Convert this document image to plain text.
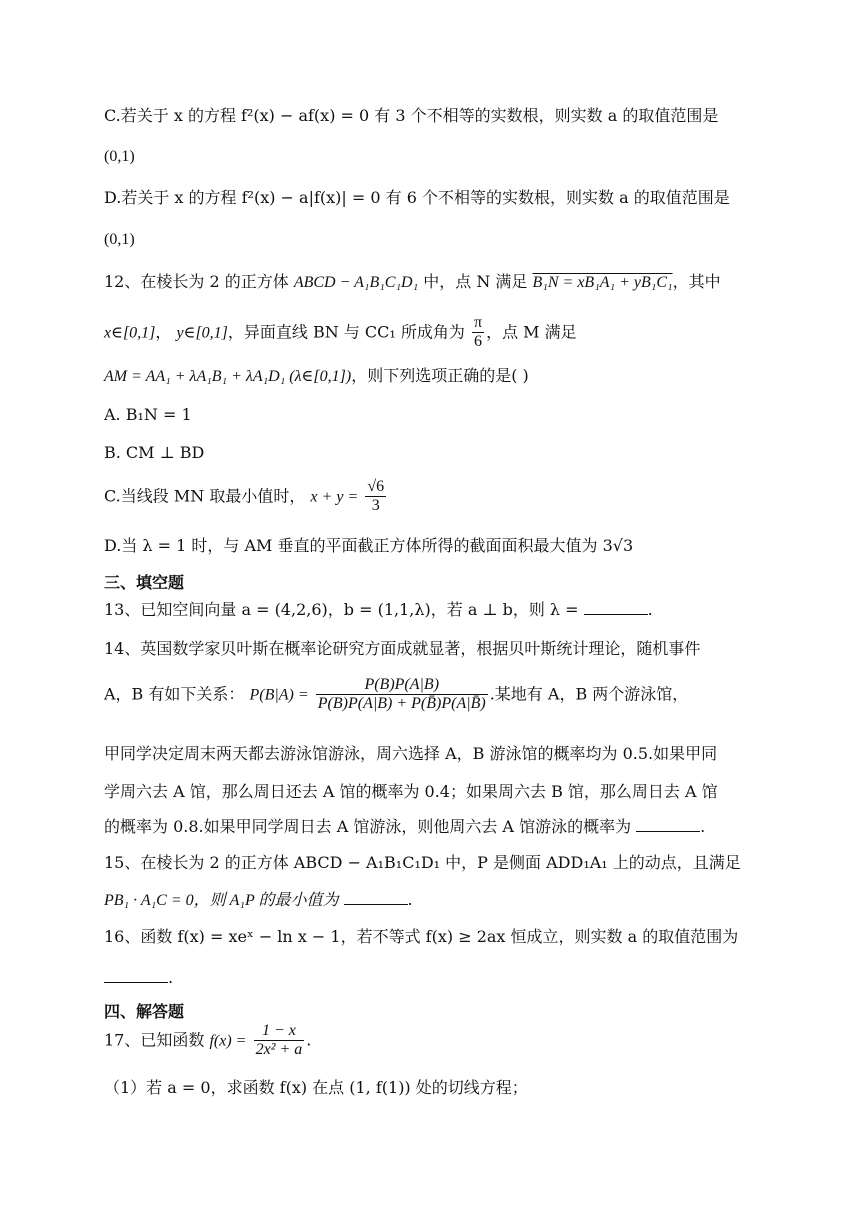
C.若关于 x 的方程 f²(x) − af(x) = 0 有 3 个不相等的实数根，则实数 a 的取值范围是
(0,1)
D.若关于 x 的方程 f²(x) − a|f(x)| = 0 有 6 个不相等的实数根，则实数 a 的取值范围是
(0,1)
12、在棱长为 2 的正方体 ABCD − A₁B₁C₁D₁ 中，点 N 满足 B₁N = xB₁A₁ + yB₁C₁，其中
x∈[0,1]， y∈[0,1]，异面直线 BN 与 CC₁ 所成角为 $\frac{\pi}{6}$ ，点 M 满足
AM = AA₁ + λA₁B₁ + λA₁D₁ (λ∈[0,1])，则下列选项正确的是( )
A. B₁N = 1
B. CM ⊥ BD
C.当线段 MN 取最小值时， $x + y = \frac{√6}{3}$
D.当 λ = 1 时，与 AM 垂直的平面截正方体所得的截面面积最大值为 3√3
三、填空题
13、已知空间向量 a = (4,2,6)，b = (1,1,λ)，若 a ⊥ b，则 λ =	.
14、英国数学家贝叶斯在概率论研究方面成就显著，根据贝叶斯统计理论，随机事件
A，B 有如下关系： $P(B|A) = \frac{P(B)P(A|B)}{P(B)P(A|B) + P(B̄)P(A|B̄)}$ .某地有 A，B 两个游泳馆，
甲同学决定周末两天都去游泳馆游泳，周六选择 A，B 游泳馆的概率均为 0.5.如果甲同
学周六去 A 馆，那么周日还去 A 馆的概率为 0.4；如果周六去 B 馆，那么周日去 A 馆
的概率为 0.8.如果甲同学周日去 A 馆游泳，则他周六去 A 馆游泳的概率为	.
15、在棱长为 2 的正方体 ABCD − A₁B₁C₁D₁ 中，P 是侧面 ADD₁A₁ 上的动点，且满足
PB₁ · A₁C = 0，则 A₁P 的最小值为	.
16、函数 f(x) = xeˣ − ln x − 1，若不等式 f(x) ≥ 2ax 恒成立，则实数 a 的取值范围为
.
四、解答题
17、已知函数 $f(x) = \frac{1 - x}{\text{2x² + a}}$ .
（1）若 a = 0，求函数 f(x) 在点 (1, f(1)) 处的切线方程；
